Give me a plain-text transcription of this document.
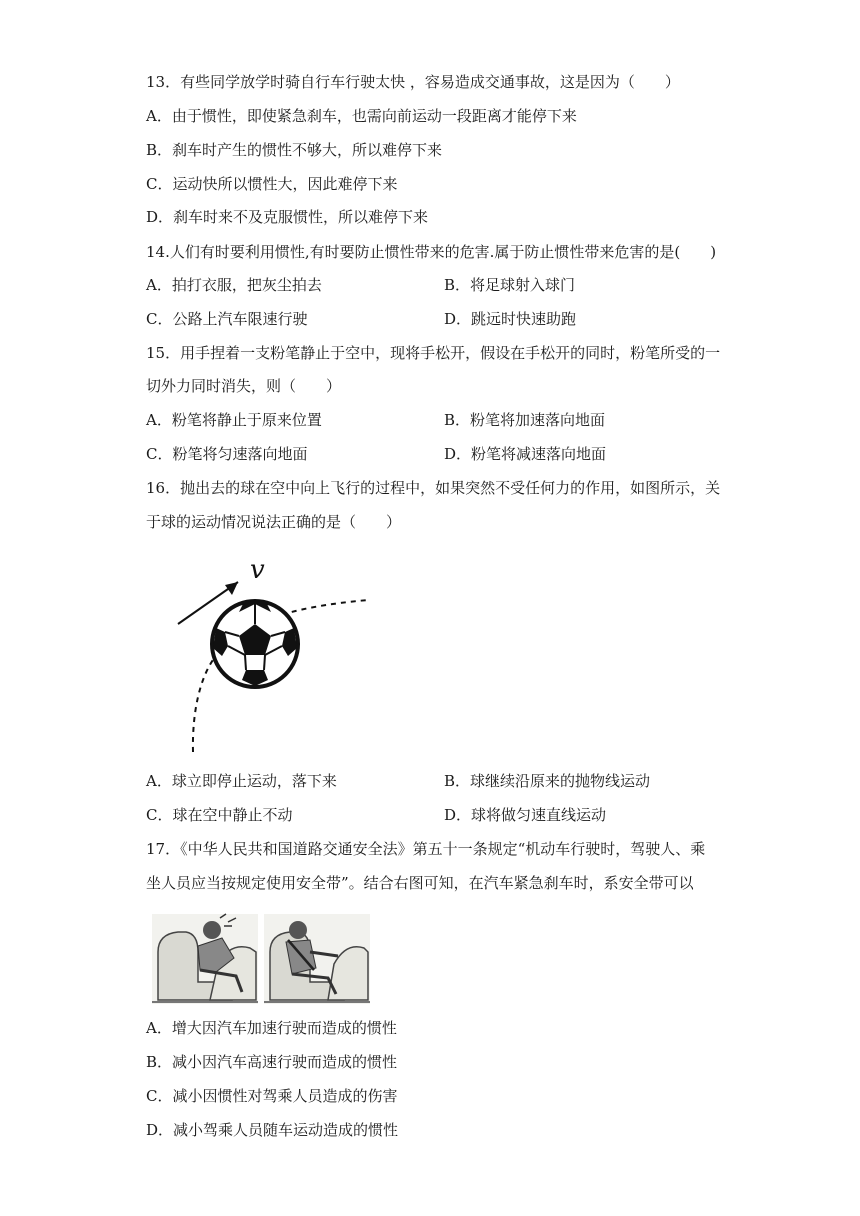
13．有些同学放学时骑自行车行驶太快 ，容易造成交通事故，这是因为（　　）
A．由于惯性，即使紧急刹车，也需向前运动一段距离才能停下来
B．刹车时产生的惯性不够大，所以难停下来
C．运动快所以惯性大，因此难停下来
D．刹车时来不及克服惯性，所以难停下来
14.人们有时要利用惯性,有时要防止惯性带来的危害.属于防止惯性带来危害的是(　　)
A．拍打衣服，把灰尘拍去	B．将足球射入球门
C．公路上汽车限速行驶	D．跳远时快速助跑
15．用手捏着一支粉笔静止于空中，现将手松开，假设在手松开的同时，粉笔所受的一
切外力同时消失，则（　　）
A．粉笔将静止于原来位置	B．粉笔将加速落向地面
C．粉笔将匀速落向地面	D．粉笔将减速落向地面
16．抛出去的球在空中向上飞行的过程中，如果突然不受任何力的作用，如图所示，关
于球的运动情况说法正确的是（　　）
v
A．球立即停止运动，落下来	B．球继续沿原来的抛物线运动
C．球在空中静止不动	D．球将做匀速直线运动
17．《中华人民共和国道路交通安全法》第五十一条规定“机动车行驶时，驾驶人、乘
坐人员应当按规定使用安全带”。结合右图可知，在汽车紧急刹车时，系安全带可以
A．增大因汽车加速行驶而造成的惯性
B．减小因汽车高速行驶而造成的惯性
C．减小因惯性对驾乘人员造成的伤害
D．减小驾乘人员随车运动造成的惯性
